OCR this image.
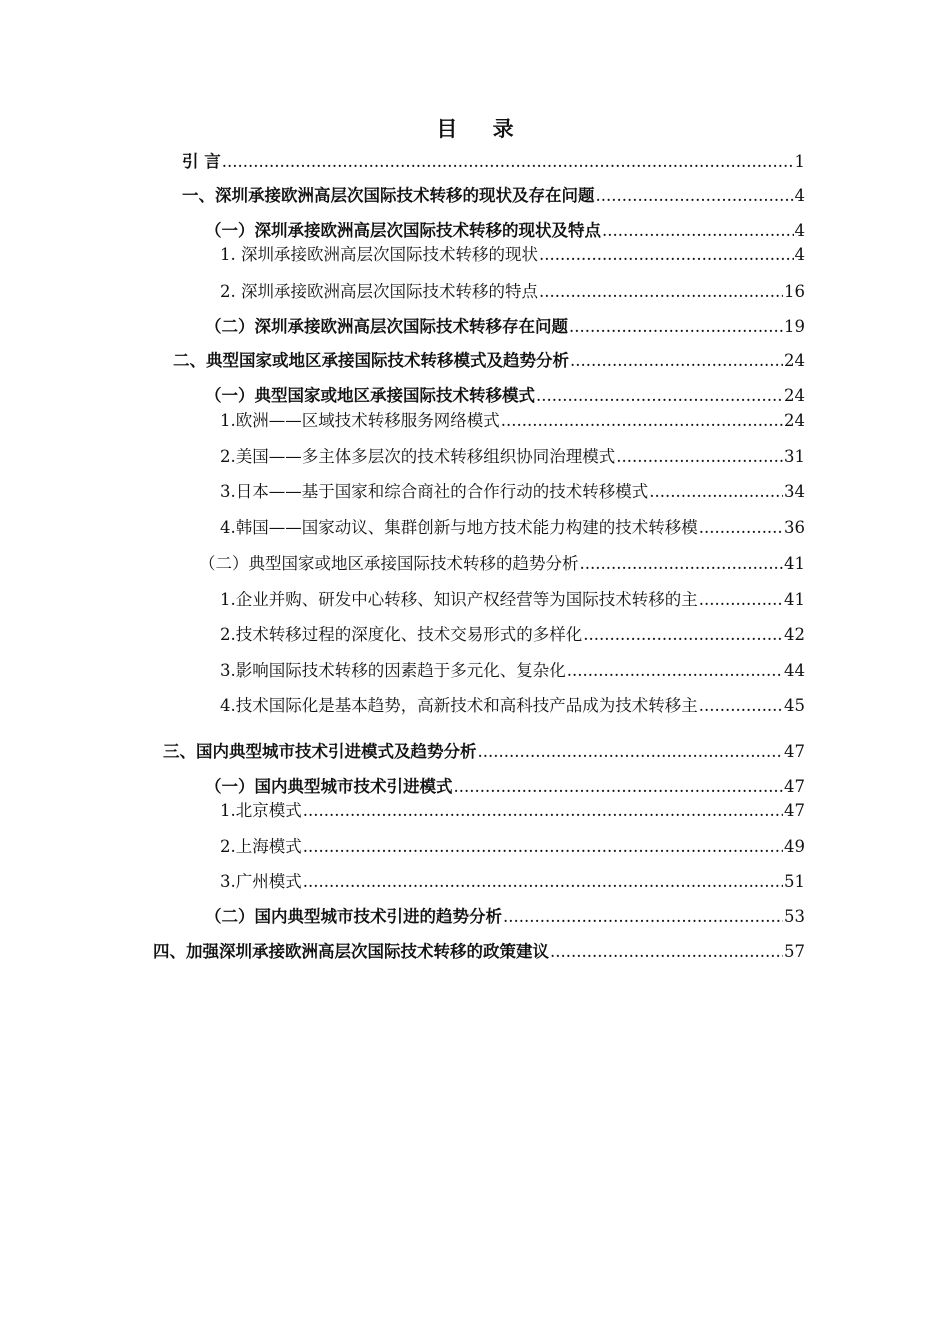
目 录
引 言 .....	1
一、深圳承接欧洲高层次国际技术转移的现状及存在问题 .....	4
（一）深圳承接欧洲高层次国际技术转移的现状及特点 .....	4
1. 深圳承接欧洲高层次国际技术转移的现状 .....	4
2. 深圳承接欧洲高层次国际技术转移的特点 .....	16
（二）深圳承接欧洲高层次国际技术转移存在问题 .....	19
二、典型国家或地区承接国际技术转移模式及趋势分析 .....	24
（一）典型国家或地区承接国际技术转移模式 .....	24
1.欧洲——区域技术转移服务网络模式 .....	24
2.美国——多主体多层次的技术转移组织协同治理模式 .....	31
3.日本——基于国家和综合商社的合作行动的技术转移模式 .....	34
4.韩国——国家动议、集群创新与地方技术能力构建的技术转移模 .....	36
（二）典型国家或地区承接国际技术转移的趋势分析 .....	41
1.企业并购、研发中心转移、知识产权经营等为国际技术转移的主 .....	41
2.技术转移过程的深度化、技术交易形式的多样化 .....	42
3.影响国际技术转移的因素趋于多元化、复杂化 .....	44
4.技术国际化是基本趋势，高新技术和高科技产品成为技术转移主 .....	45
三、国内典型城市技术引进模式及趋势分析 .....	47
（一）国内典型城市技术引进模式 .....	47
1.北京模式 .....	47
2.上海模式 .....	49
3.广州模式 .....	51
（二）国内典型城市技术引进的趋势分析 .....	53
四、加强深圳承接欧洲高层次国际技术转移的政策建议 .....	57
